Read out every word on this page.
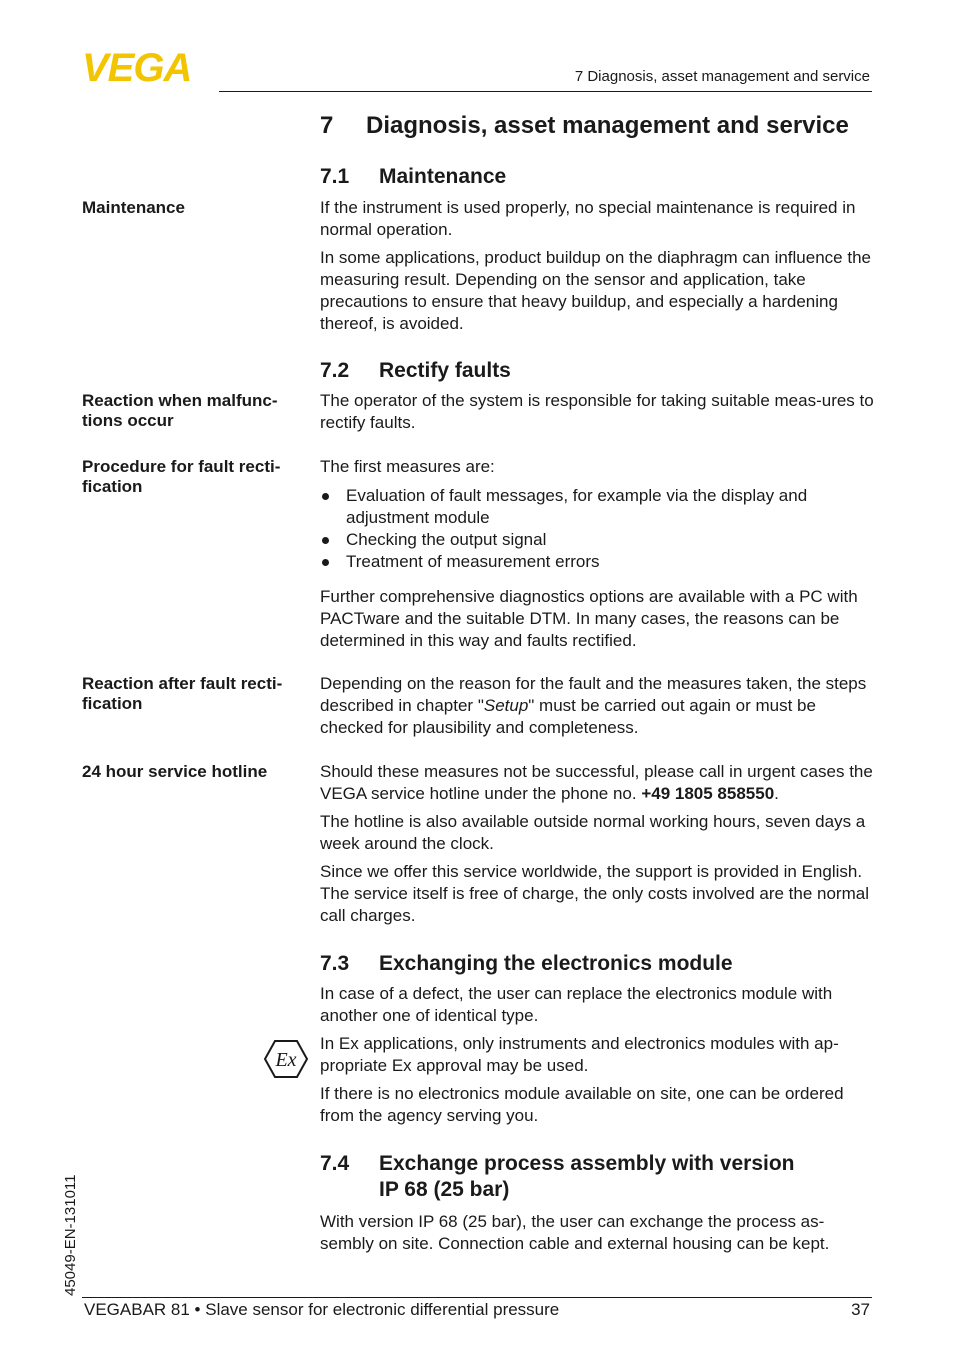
VEGA	7 Diagnosis, asset management and service
7 Diagnosis, asset management and service
7.1 Maintenance
Maintenance	If the instrument is used properly, no special maintenance is required in normal operation.

In some applications, product buildup on the diaphragm can influence the measuring result. Depending on the sensor and application, take precautions to ensure that heavy buildup, and especially a hardening thereof, is avoided.

7.2 Rectify faults
Reaction when malfunc-tions occur

The operator of the system is responsible for taking suitable meas-ures to rectify faults.

Procedure for fault recti-fication

The first measures are:

Evaluation of fault messages, for example via the display and adjustment module
Checking the output signal
Treatment of measurement errors

Further comprehensive diagnostics options are available with a PC with PACTware and the suitable DTM. In many cases, the reasons can be determined in this way and faults rectified.

Reaction after fault recti-fication

Depending on the reason for the fault and the measures taken, the steps described in chapter "Setup" must be carried out again or must be checked for plausibility and completeness.

24 hour service hotline	Should these measures not be successful, please call in urgent cases the VEGA service hotline under the phone no. +49 1805 858550.

The hotline is also available outside normal working hours, seven days a week around the clock.

Since we offer this service worldwide, the support is provided in English. The service itself is free of charge, the only costs involved are the normal call charges.

7.3 Exchanging the electronics module

In case of a defect, the user can replace the electronics module with another one of identical type.

In Ex applications, only instruments and electronics modules with ap-propriate Ex approval may be used.

If there is no electronics module available on site, one can be ordered from the agency serving you.

Ex
7.4 Exchange process assembly with version
IP 68 (25 bar)

With version IP 68 (25 bar), the user can exchange the process as-sembly on site. Connection cable and external housing can be kept.

45049-EN-131011
VEGABAR 81 • Slave sensor for electronic differential pressure	37
